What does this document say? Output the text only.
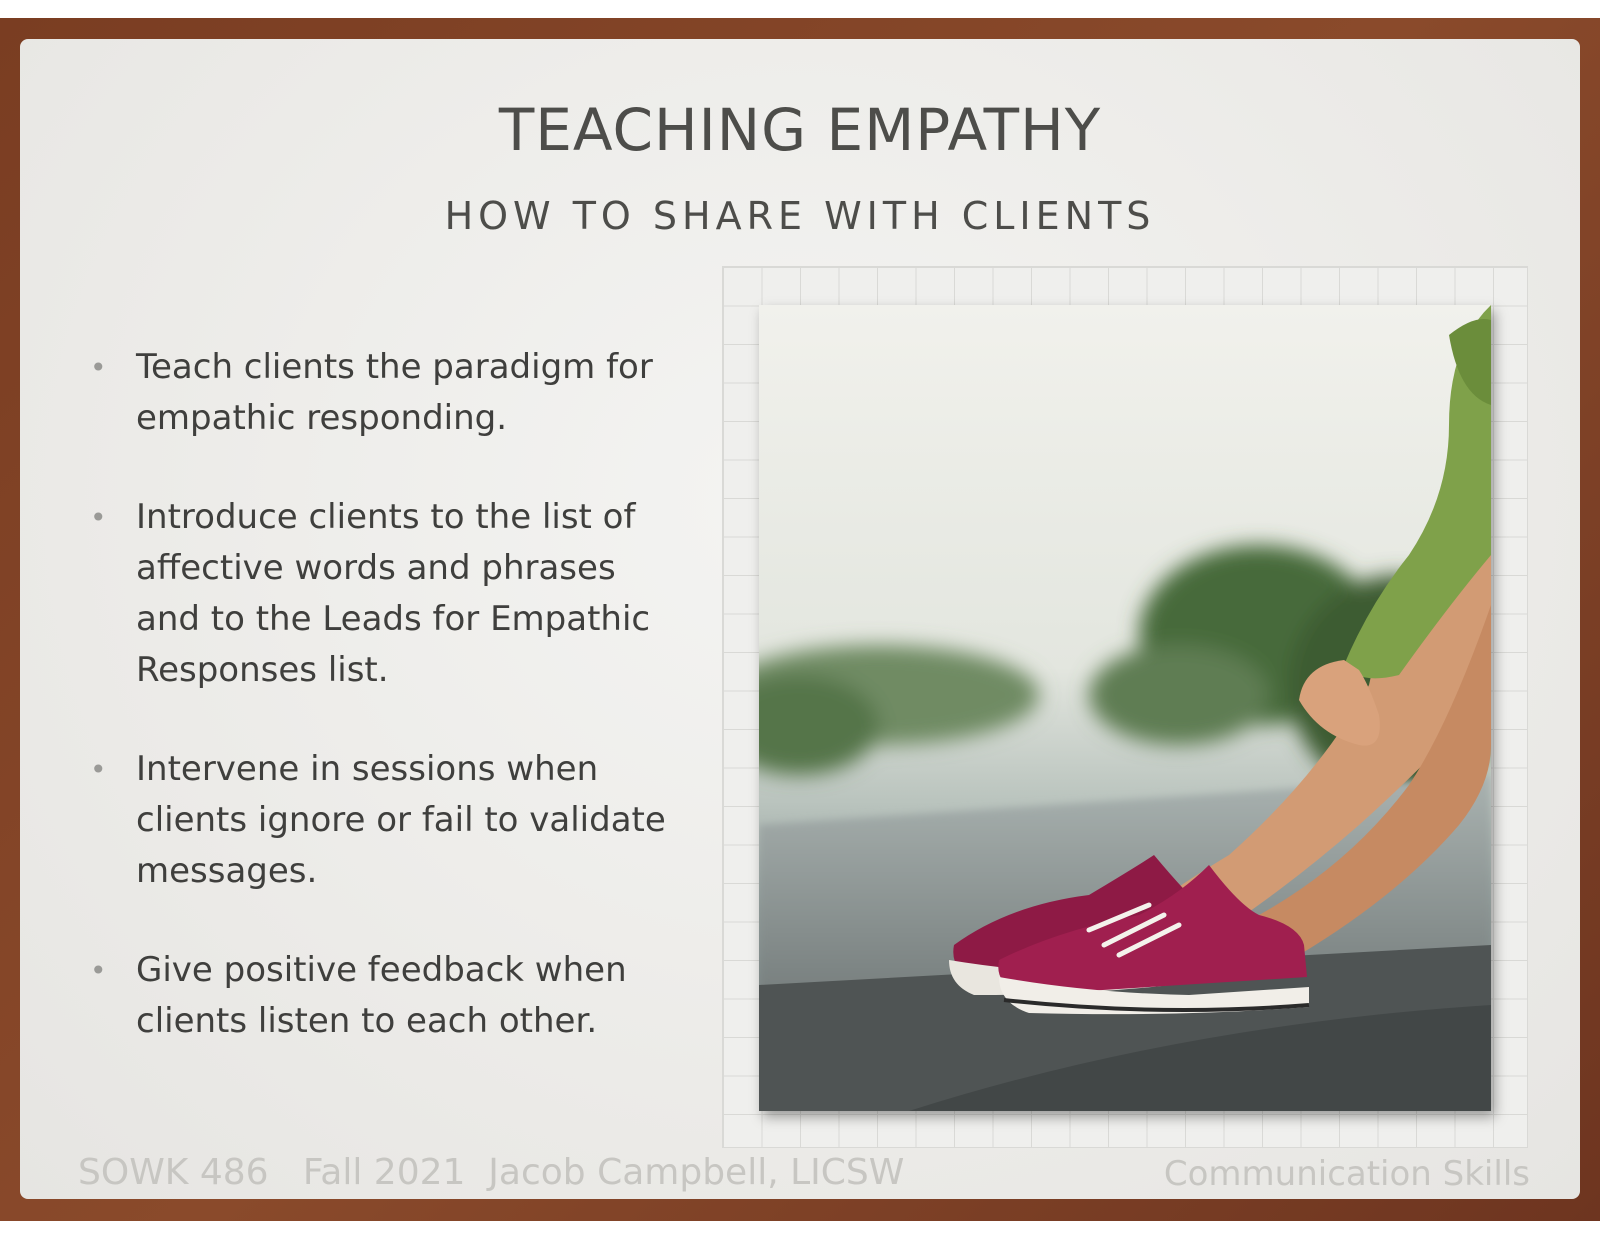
TEACHING EMPATHY
HOW TO SHARE WITH CLIENTS
• Teach clients the paradigm for empathic responding.
• Introduce clients to the list of affective words and phrases and to the Leads for Empathic Responses list.
• Intervene in sessions when clients ignore or fail to validate messages.
• Give positive feedback when clients listen to each other.
SOWK 486   Fall 2021  Jacob Campbell, LICSW	Communication Skills
